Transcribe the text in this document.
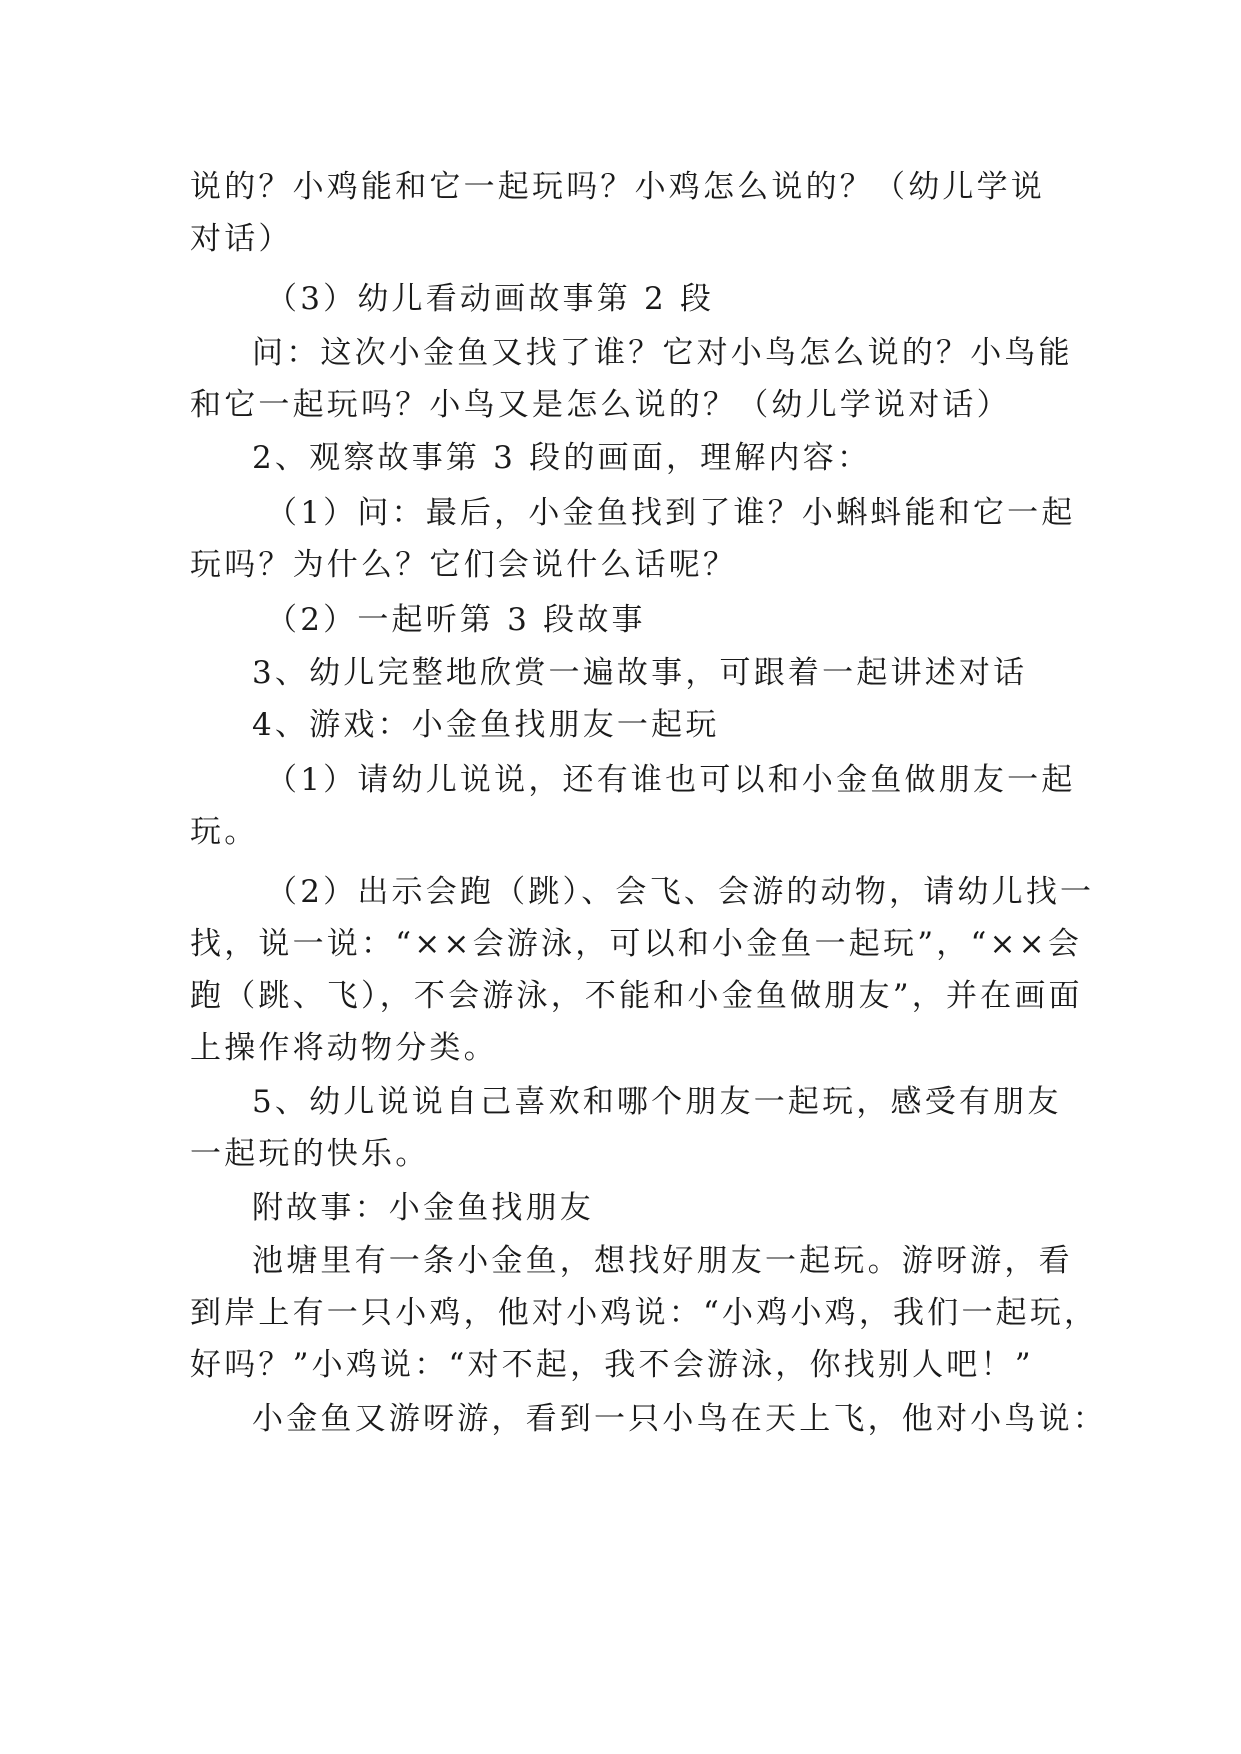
说的？小鸡能和它一起玩吗？小鸡怎么说的？（幼儿学说
对话）
（3）幼儿看动画故事第 2 段
问：这次小金鱼又找了谁？它对小鸟怎么说的？小鸟能
和它一起玩吗？小鸟又是怎么说的？（幼儿学说对话）
2、观察故事第 3 段的画面，理解内容：
（1）问：最后，小金鱼找到了谁？小蝌蚪能和它一起
玩吗？为什么？它们会说什么话呢？
（2）一起听第 3 段故事
3、幼儿完整地欣赏一遍故事，可跟着一起讲述对话
4、游戏：小金鱼找朋友一起玩
（1）请幼儿说说，还有谁也可以和小金鱼做朋友一起
玩。
（2）出示会跑（跳）、会飞、会游的动物，请幼儿找一
找，说一说：“××会游泳，可以和小金鱼一起玩”，“××会
跑（跳、飞），不会游泳，不能和小金鱼做朋友”，并在画面
上操作将动物分类。
5、幼儿说说自己喜欢和哪个朋友一起玩，感受有朋友
一起玩的快乐。
附故事：小金鱼找朋友
池塘里有一条小金鱼，想找好朋友一起玩。游呀游，看
到岸上有一只小鸡，他对小鸡说：“小鸡小鸡，我们一起玩，
好吗？”小鸡说：“对不起，我不会游泳，你找别人吧！”
小金鱼又游呀游，看到一只小鸟在天上飞，他对小鸟说：
